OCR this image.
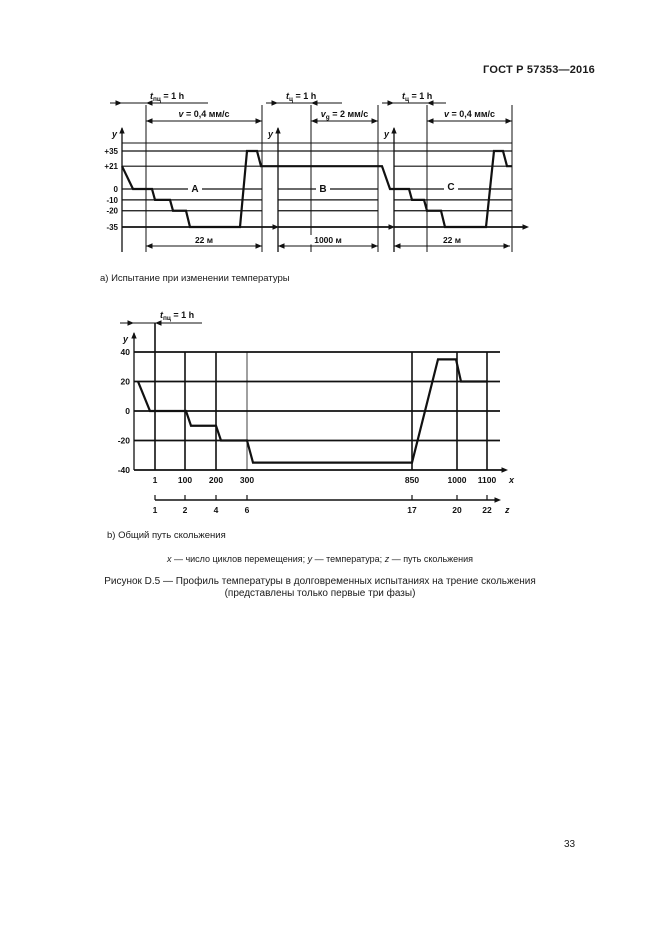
ГОСТ Р 57353—2016
y
$t_{пц} = 1$ h
v = 0,4 мм/с
22 м
A
y
$t_ц = 1$ h
$v_g = 2$ мм/с
1000 м
B
y
$t_ц = 1$ h
v = 0,4 мм/с
22 м
C
+35
+21
0
-10
-20
-35
а) Испытание при изменении температуры
40
20
0
-20
-40
1 100 200 300	850	1000 1100 x
y
$t_{пц} = 1$ h
1	2	4	6	17	20 22 z
b) Общий путь скольжения
x — число циклов перемещения; y — температура; z — путь скольжения
Рисунок D.5 — Профиль температуры в долговременных испытаниях на трение скольжения
(представлены только первые три фазы)
33
